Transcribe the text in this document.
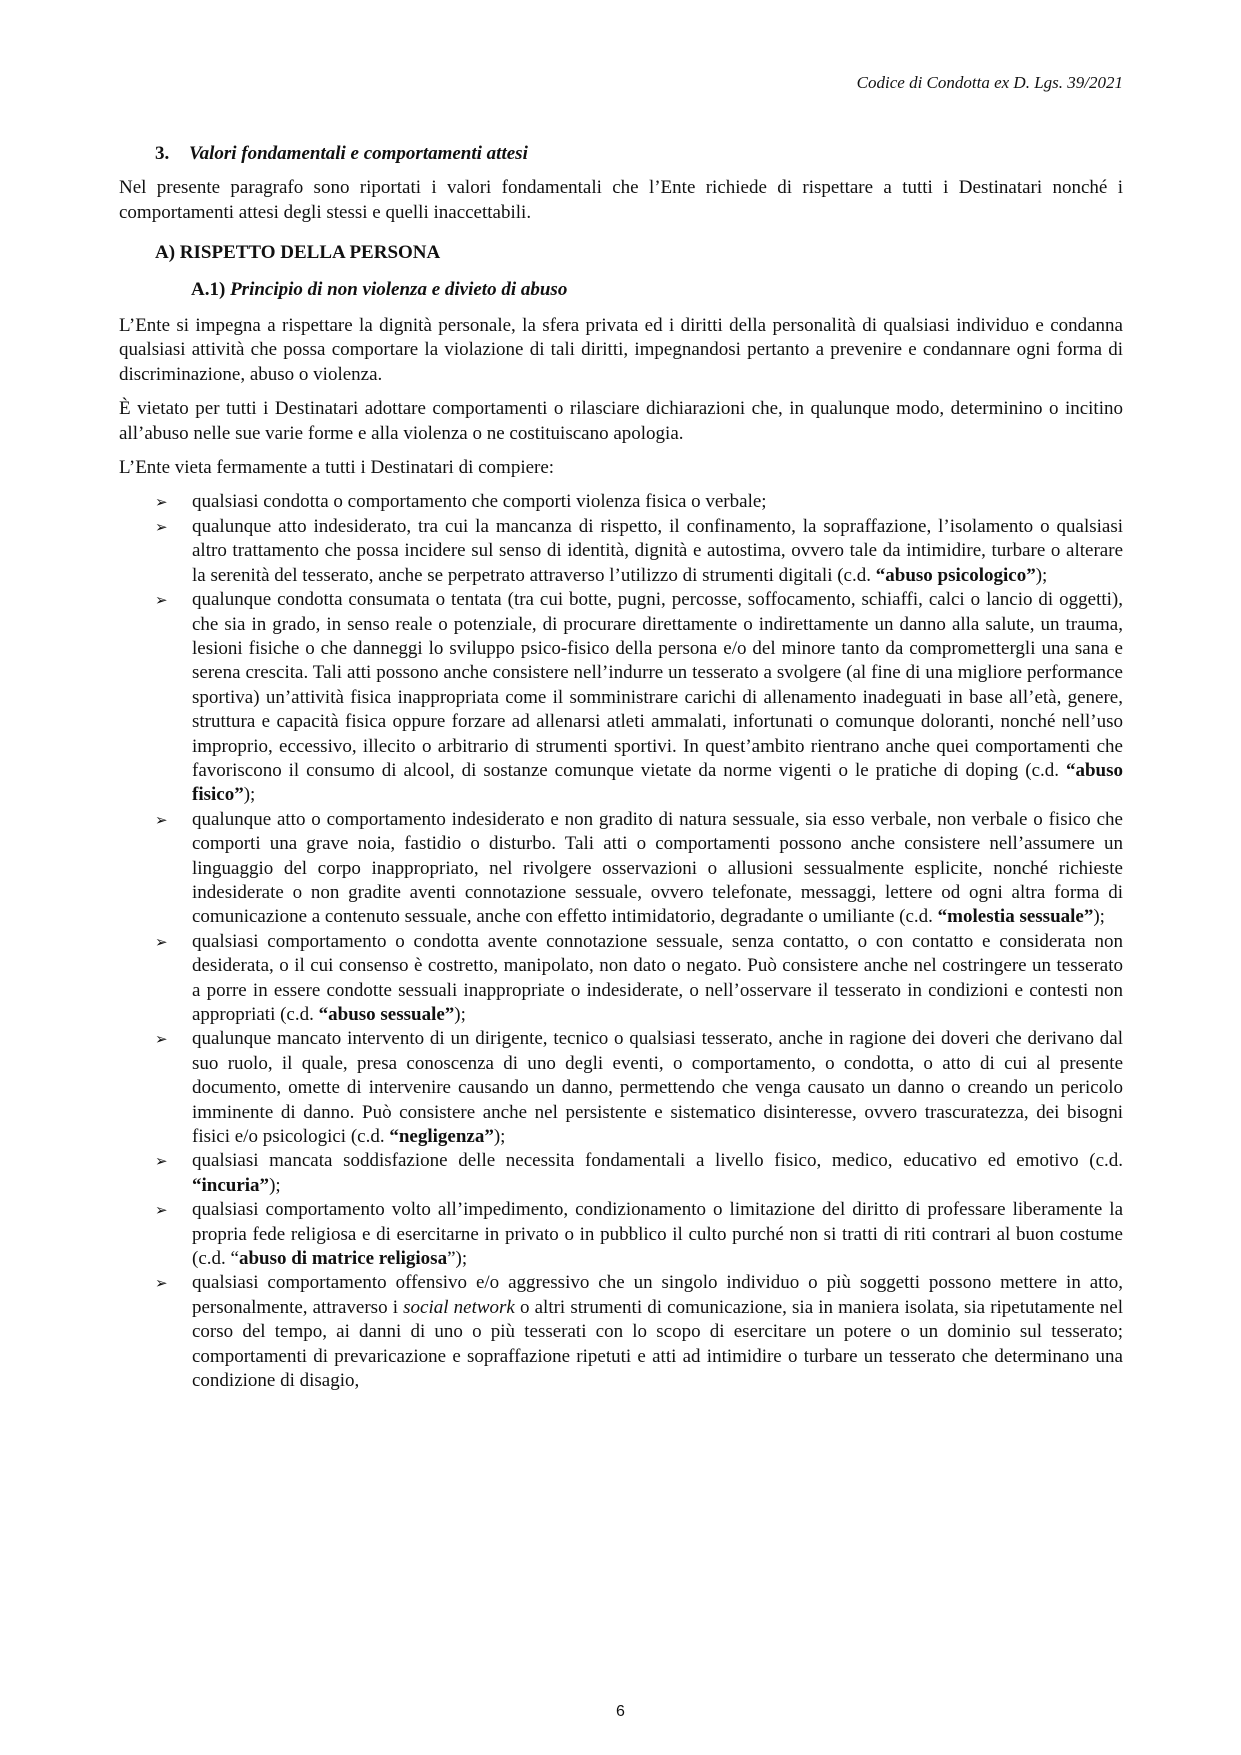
Codice di Condotta ex D. Lgs. 39/2021
3. Valori fondamentali e comportamenti attesi

Nel presente paragrafo sono riportati i valori fondamentali che l’Ente richiede di rispettare a tutti i Destinatari nonché i comportamenti attesi degli stessi e quelli inaccettabili.

A) RISPETTO DELLA PERSONA
A.1) Principio di non violenza e divieto di abuso

L’Ente si impegna a rispettare la dignità personale, la sfera privata ed i diritti della personalità di qualsiasi individuo e condanna qualsiasi attività che possa comportare la violazione di tali diritti, impegnandosi pertanto a prevenire e condannare ogni forma di discriminazione, abuso o violenza.

È vietato per tutti i Destinatari adottare comportamenti o rilasciare dichiarazioni che, in qualunque modo, determinino o incitino all’abuso nelle sue varie forme e alla violenza o ne costituiscano apologia.

L’Ente vieta fermamente a tutti i Destinatari di compiere:

➢ qualsiasi condotta o comportamento che comporti violenza fisica o verbale;
➢ qualunque atto indesiderato, tra cui la mancanza di rispetto, il confinamento, la sopraffazione, l’isolamento o qualsiasi altro trattamento che possa incidere sul senso di identità, dignità e autostima, ovvero tale da intimidire, turbare o alterare la serenità del tesserato, anche se perpetrato attraverso l’utilizzo di strumenti digitali (c.d. “abuso psicologico”);
➢ qualunque condotta consumata o tentata (tra cui botte, pugni, percosse, soffocamento, schiaffi, calci o lancio di oggetti), che sia in grado, in senso reale o potenziale, di procurare direttamente o indirettamente un danno alla salute, un trauma, lesioni fisiche o che danneggi lo sviluppo psico-fisico della persona e/o del minore tanto da compromettergli una sana e serena crescita. Tali atti possono anche consistere nell’indurre un tesserato a svolgere (al fine di una migliore performance sportiva) un’attività fisica inappropriata come il somministrare carichi di allenamento inadeguati in base all’età, genere, struttura e capacità fisica oppure forzare ad allenarsi atleti ammalati, infortunati o comunque doloranti, nonché nell’uso improprio, eccessivo, illecito o arbitrario di strumenti sportivi. In quest’ambito rientrano anche quei comportamenti che favoriscono il consumo di alcool, di sostanze comunque vietate da norme vigenti o le pratiche di doping (c.d. “abuso fisico”);
➢ qualunque atto o comportamento indesiderato e non gradito di natura sessuale, sia esso verbale, non verbale o fisico che comporti una grave noia, fastidio o disturbo. Tali atti o comportamenti possono anche consistere nell’assumere un linguaggio del corpo inappropriato, nel rivolgere osservazioni o allusioni sessualmente esplicite, nonché richieste indesiderate o non gradite aventi connotazione sessuale, ovvero telefonate, messaggi, lettere od ogni altra forma di comunicazione a contenuto sessuale, anche con effetto intimidatorio, degradante o umiliante (c.d. “molestia sessuale”);
➢ qualsiasi comportamento o condotta avente connotazione sessuale, senza contatto, o con contatto e considerata non desiderata, o il cui consenso è costretto, manipolato, non dato o negato. Può consistere anche nel costringere un tesserato a porre in essere condotte sessuali inappropriate o indesiderate, o nell’osservare il tesserato in condizioni e contesti non appropriati (c.d. “abuso sessuale”);
➢ qualunque mancato intervento di un dirigente, tecnico o qualsiasi tesserato, anche in ragione dei doveri che derivano dal suo ruolo, il quale, presa conoscenza di uno degli eventi, o comportamento, o condotta, o atto di cui al presente documento, omette di intervenire causando un danno, permettendo che venga causato un danno o creando un pericolo imminente di danno. Può consistere anche nel persistente e sistematico disinteresse, ovvero trascuratezza, dei bisogni fisici e/o psicologici (c.d. “negligenza”);
➢ qualsiasi mancata soddisfazione delle necessita fondamentali a livello fisico, medico, educativo ed emotivo (c.d. “incuria”);
➢ qualsiasi comportamento volto all’impedimento, condizionamento o limitazione del diritto di professare liberamente la propria fede religiosa e di esercitarne in privato o in pubblico il culto purché non si tratti di riti contrari al buon costume (c.d. “abuso di matrice religiosa”);
➢ qualsiasi comportamento offensivo e/o aggressivo che un singolo individuo o più soggetti possono mettere in atto, personalmente, attraverso i social network o altri strumenti di comunicazione, sia in maniera isolata, sia ripetutamente nel corso del tempo, ai danni di uno o più tesserati con lo scopo di esercitare un potere o un dominio sul tesserato; comportamenti di prevaricazione e sopraffazione ripetuti e atti ad intimidire o turbare un tesserato che determinano una condizione di disagio,
6
